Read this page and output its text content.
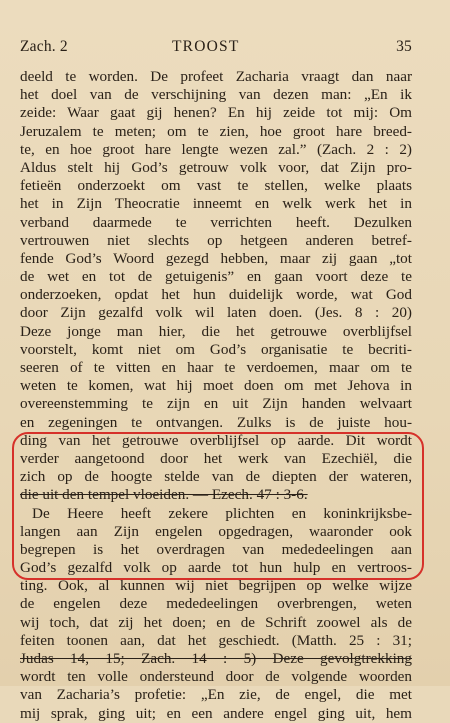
Zach. 2	TROOST	35
deeld te worden. De profeet Zacharia vraagt dan naar
het doel van de verschijning van dezen man: „En ik
zeide: Waar gaat gij henen? En hij zeide tot mij: Om
Jeruzalem te meten; om te zien, hoe groot hare breed-
te, en hoe groot hare lengte wezen zal.” (Zach. 2 : 2)
Aldus stelt hij God’s getrouw volk voor, dat Zijn pro-
fetieën onderzoekt om vast te stellen, welke plaats
het in Zijn Theocratie inneemt en welk werk het in
verband daarmede te verrichten heeft. Dezulken
vertrouwen niet slechts op hetgeen anderen betref-
fende God’s Woord gezegd hebben, maar zij gaan „tot
de wet en tot de getuigenis” en gaan voort deze te
onderzoeken, opdat het hun duidelijk worde, wat God
door Zijn gezalfd volk wil laten doen. (Jes. 8 : 20)
Deze jonge man hier, die het getrouwe overblijfsel
voorstelt, komt niet om God’s organisatie te becriti-
seeren of te vitten en haar te verdoemen, maar om te
weten te komen, wat hij moet doen om met Jehova in
overeenstemming te zijn en uit Zijn handen welvaart
en zegeningen te ontvangen. Zulks is de juiste hou-
ding van het getrouwe overblijfsel op aarde. Dit wordt
verder aangetoond door het werk van Ezechiël, die
zich op de hoogte stelde van de diepten der wateren,
die uit den tempel vloeiden. — Ezech. 47 : 3-6.
De Heere heeft zekere plichten en koninkrijksbe-
langen aan Zijn engelen opgedragen, waaronder ook
begrepen is het overdragen van mededeelingen aan
God’s gezalfd volk op aarde tot hun hulp en vertroos-
ting. Ook, al kunnen wij niet begrijpen op welke wijze
de engelen deze mededeelingen overbrengen, weten
wij toch, dat zij het doen; en de Schrift zoowel als de
feiten toonen aan, dat het geschiedt. (Matth. 25 : 31;
Judas 14, 15; Zach. 14 : 5) Deze gevolgtrekking
wordt ten volle ondersteund door de volgende woorden
van Zacharia’s profetie: „En zie, de engel, die met
mij sprak, ging uit; en een andere engel ging uit, hem
